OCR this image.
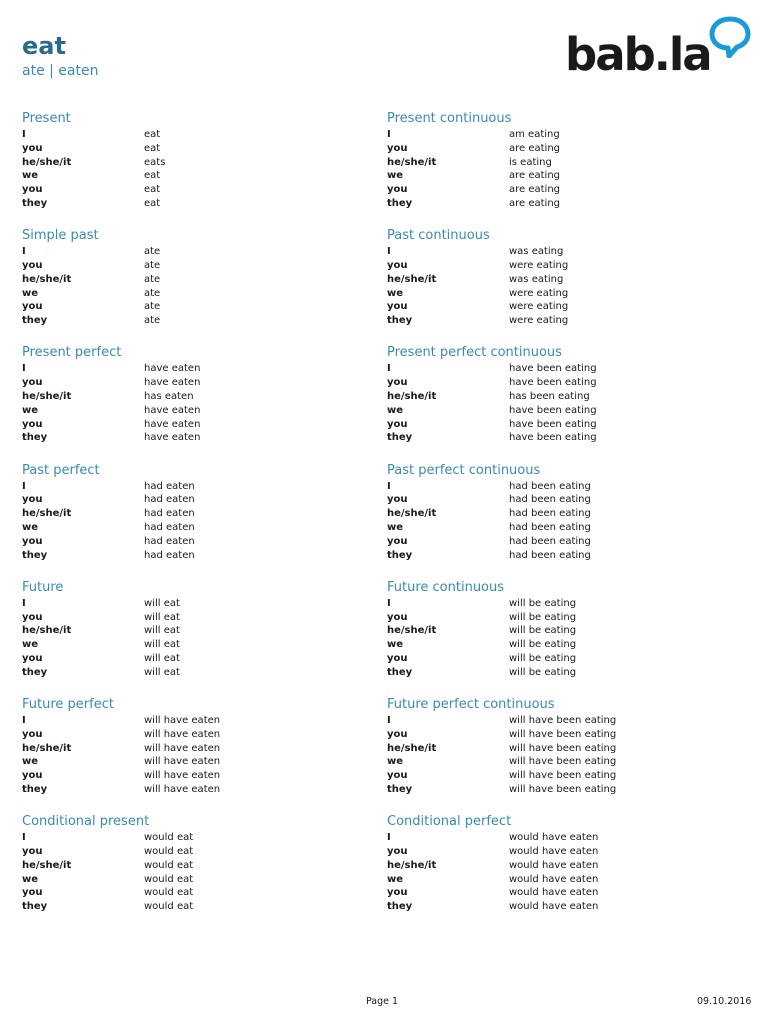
eat
ate | eaten	bab.la
Present
I	eat
you	eat
he/she/it	eats
we	eat
you	eat
they	eat
Simple past
I	ate
you	ate
he/she/it	ate
we	ate
you	ate
they	ate
Present perfect
I	have eaten
you	have eaten
he/she/it	has eaten
we	have eaten
you	have eaten
they	have eaten
Past perfect
I	had eaten
you	had eaten
he/she/it	had eaten
we	had eaten
you	had eaten
they	had eaten
Future
I	will eat
you	will eat
he/she/it	will eat
we	will eat
you	will eat
they	will eat
Future perfect
I	will have eaten
you	will have eaten
he/she/it	will have eaten
we	will have eaten
you	will have eaten
they	will have eaten
Conditional present
I	would eat
you	would eat
he/she/it	would eat
we	would eat
you	would eat
they	would eat
Present continuous
I	am eating
you	are eating
he/she/it	is eating
we	are eating
you	are eating
they	are eating
Past continuous
I	was eating
you	were eating
he/she/it	was eating
we	were eating
you	were eating
they	were eating
Present perfect continuous
I	have been eating
you	have been eating
he/she/it	has been eating
we	have been eating
you	have been eating
they	have been eating
Past perfect continuous
I	had been eating
you	had been eating
he/she/it	had been eating
we	had been eating
you	had been eating
they	had been eating
Future continuous
I	will be eating
you	will be eating
he/she/it	will be eating
we	will be eating
you	will be eating
they	will be eating
Future perfect continuous
I	will have been eating
you	will have been eating
he/she/it	will have been eating
we	will have been eating
you	will have been eating
they	will have been eating
Conditional perfect
I	would have eaten
you	would have eaten
he/she/it	would have eaten
we	would have eaten
you	would have eaten
they	would have eaten
Page 1	09.10.2016
